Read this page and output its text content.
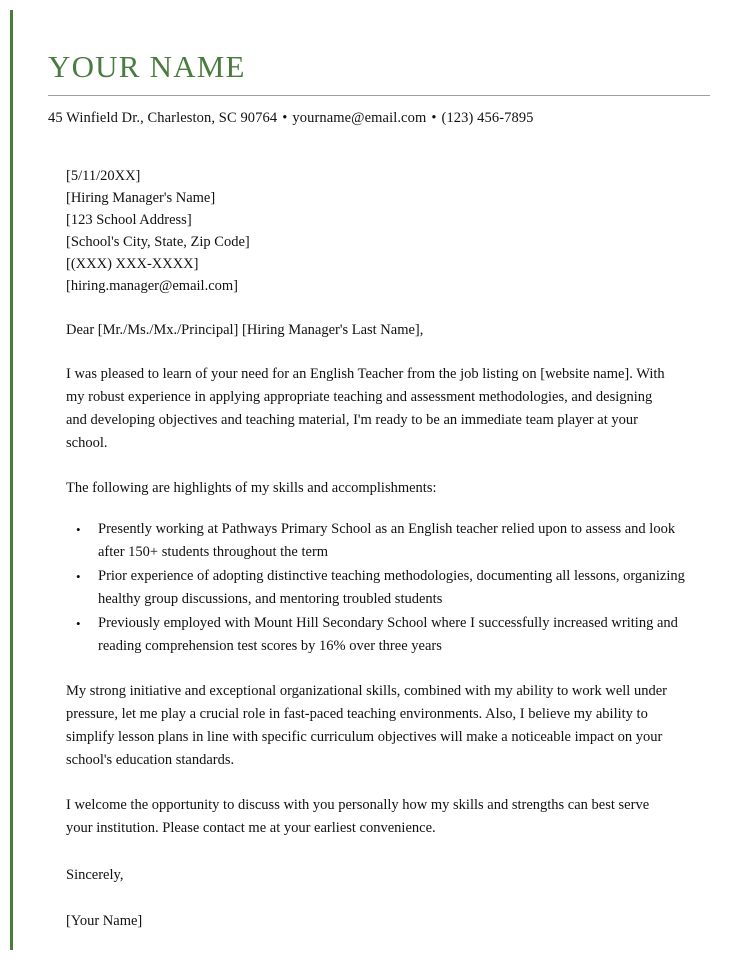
YOUR NAME
45 Winfield Dr., Charleston, SC 90764 • yourname@email.com • (123) 456-7895
[5/11/20XX]
[Hiring Manager's Name]
[123 School Address]
[School's City, State, Zip Code]
[(XXX) XXX-XXXX]
[hiring.manager@email.com]
Dear [Mr./Ms./Mx./Principal] [Hiring Manager's Last Name],
I was pleased to learn of your need for an English Teacher from the job listing on [website name]. With my robust experience in applying appropriate teaching and assessment methodologies, and designing and developing objectives and teaching material, I'm ready to be an immediate team player at your school.
The following are highlights of my skills and accomplishments:
• Presently working at Pathways Primary School as an English teacher relied upon to assess and look after 150+ students throughout the term
• Prior experience of adopting distinctive teaching methodologies, documenting all lessons, organizing healthy group discussions, and mentoring troubled students
• Previously employed with Mount Hill Secondary School where I successfully increased writing and reading comprehension test scores by 16% over three years
My strong initiative and exceptional organizational skills, combined with my ability to work well under pressure, let me play a crucial role in fast-paced teaching environments. Also, I believe my ability to simplify lesson plans in line with specific curriculum objectives will make a noticeable impact on your school's education standards.
I welcome the opportunity to discuss with you personally how my skills and strengths can best serve your institution. Please contact me at your earliest convenience.
Sincerely,
[Your Name]
